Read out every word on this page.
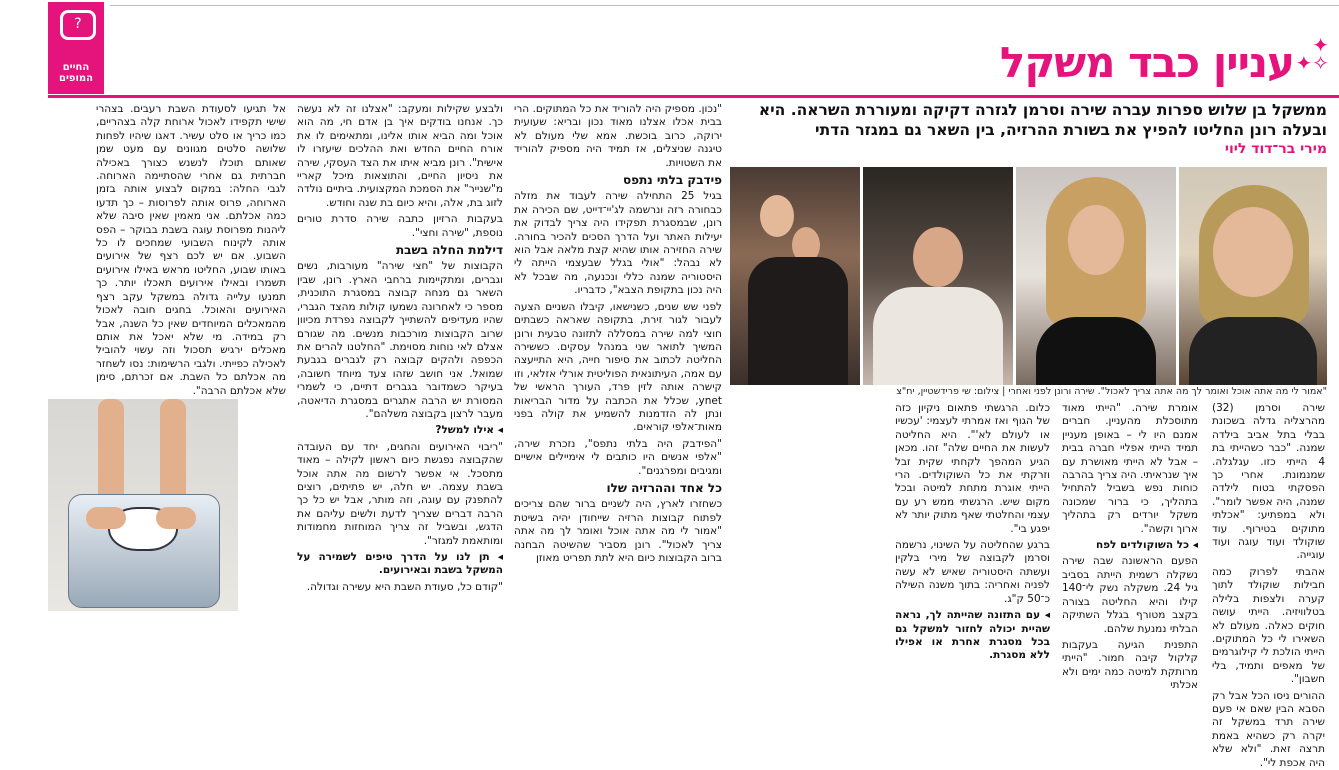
?
החיים
המופים
✦
✧✦
עניין כבד משקל
ממשקל בן שלוש ספרות עברה שירה וסרמן לגזרה דקיקה ומעוררת השראה. היא ובעלה רונן החליטו להפיץ את בשורת ההרזיה, בין השאר גם במגזר הדתי
מירי בר־דוד ליוי
"אמור לי מה אתה אוכל ואומר לך מה אתה צריך לאכול". שירה ורונן לפני ואחרי | צילום: שי פרידשטיין, יח"צ

שירה וסרמן (32) מהרצליה גדלה בשכונת בבלי בתל אביב בילדה שמנה. "כבר כשהייתי בת 4 הייתי כזו. עגלגלה. שמנמונת. אחרי כך הפסקתי בטוח לילדה שמנה, היה אפשר לומר". ולא במפתיע: "אכלתי מתוקים בטירוף. עוד שוקולד ועוד עוגה ועוד עוגייה.

אהבתי לפרוק כמה חבילות שוקולד לתוך קערה ולצפות בלילה בטלוויזיה. הייתי עושה חוקים כאלה. מעולם לא השאירו לי כל המתוקים. הייתי הולכת לי קילוגרמים של מאפים ותמיד, בלי חשבון".

ההורים ניסו הכל אבל רק הסבא הבין שאם אי פעם שירה תרד במשקל זה יקרה רק כשהיא באמת תרצה זאת. "ולא שלא היה אכפת לי".

אומרת שירה. "הייתי מאוד מתוסכלת מהעניין. חברים אמנם היו לי – באופן מעניין תמיד הייתי אפליי חברה בבית – אבל לא הייתי מאושרת עם איך שנראיתי. היה צריך בהרבה כוחות נפש בשביל להתחיל בתהליך, כי ברור שמכונה משקל יורדים רק בתהליך ארוך וקשה".

◂ כל השוקולדים לפח

הפעם הראשונה שבה שירה נשקלה רשמית הייתה בסביב גיל 24. משקלה נשק לי־140 קילו והיא החליטה בצורה בקצב מטורף בגלל השתיקה הבלתי נמנעת שלהם.

התפנית הגיעה בעקבות קלקול קיבה חמור. "הייתי מרותקת למיטה כמה ימים ולא אכלתי

כלום. הרגשתי פתאום ניקיון כזה של הגוף ואז אמרתי לעצמי: 'עכשיו או לעולם לא'". היא החליטה לעשות את החיים שלה" זהו. מכאן הגיע המהפך לקחתי שקית זבל וזרקתי את כל השוקולדים. הרי הייתי אוגרת מתחת למיטה ובכל מקום שיש. הרגשתי ממש רע עם עצמי והחלטתי שאף מתוק יותר לא יפגע בי".

ברגע שהחליטה על השינוי, נרשמה וסרמן לקבוצה של מירי בלקין ועשתה היסטוריה שאיש לא עשה לפניה ואחריה: בתוך משנה השילה כ־50 ק"ג.

◂ עם התזונה שהייתה לך, נראה שהיית יכולה לחזור למשקל גם בכל מסגרת אחרת או אפילו ללא מסגרת.

"נכון. מספיק היה להוריד את כל המתוקים. הרי בבית אכלו אצלנו מאוד נכון ובריא: שעועית ירוקה, כרוב בוכשת. אמא שלי מעולם לא טיגנה שניצלים, אז תמיד היה מספיק להוריד את השטויות.

פידבק בלתי נתפס

בגיל 25 התחילה שירה לעבוד את מזלה כבחורה רזה ונרשמה לג'יי־דייט, שם הכירה את רונן, שבמסגרת תפקידו היה צריך לבדוק את יעילות האתר ועל הדרך הסכים להכיר בחורה. שירה החזירה אותו שהיא קצת מלאה אבל הוא לא נבהל: "אולי בגלל שבעצמי הייתה לי היסטוריה שמנה כללי ונכנעה, מה שבכל לא היה נכון בתקופת הצבא", כדבריו.

לפני שש שנים, כשנישאו, קיבלו השניים הצעה לעבור לגור זירת, בתקופה שאראה כשבתים חוצי למה שירה במסללה לתזונה טבעית ורונן המשיך לתואר שני במנהל עסקים. כששירה החליטה לכתוב את סיפור חייה, היא התייעצה עם אמה, העיתונאית הפוליטית אורלי אזלאי, וזו קישרה אותה לזין פרד, העורך הראשי של ynet, שכלל את הכתבה על מדור הבריאות ונתן לה הזדמנות להשמיע את קולה בפני מאות־אלפי קוראים.

"הפידבק היה בלתי נתפס", נזכרת שירה, "אלפי אנשים היו כותבים לי אימיילים אישיים ומגיבים ומפרגנים".

כל אחד וההרזיה שלו

כשחזרו לארץ, היה לשניים ברור שהם צריכים לפתוח קבוצות הרזיה שייחודן יהיה בשיטת "אמור לי מה אתה אוכל ואומר לך מה אתה צריך לאכול". רונן מסביר שהשיטה הבחנה ברוב הקבוצות כיום היא לתת תפריט מאוזן

ולבצע שקילות ומעקב: "אצלנו זה לא נעשה כך. אנחנו בודקים איך בן אדם חי, מה הוא אוכל ומה הביא אותו אלינו, ומתאימים לו את אורח החיים החדש ואת ההלכים שיעזרו לו אישית". רונן מביא איתו את הצד העסקי, שירה את ניסיון החיים, והתוצאות מיכל קאריי מ"שנייר" את הסמכת המקצועית. ביתיים נולדה לזוג בת, אלה, והיא כיום בת שנה וחודש.

בעקבות הרזיון כתבה שירה סדרת טורים נוספת, "שירה וחצי".

דילמת החלה בשבת

הקבוצות של "חצי שירה" מעורבות, נשים וגברים, ומתקיימות ברחבי הארץ. רונן, שבין השאר גם מנחה קבוצה במסגרת התוכנית, מספר כי לאחרונה נשמעו קולות מהצד הגברי, שהיו מעדיפים להשתייך לקבוצה נפרדת מכיוון שרוב הקבוצות מורכבות מנשים. מה שגורם אצלם לאי נוחות מסוימת. "החלטנו להרים את הכפפה ולהקים קבוצה רק לגברים בגבעת שמואל. אני חושב שזהו צעד מיוחד חשובה, בעיקר כשמדובר בגברים דתיים, כי לשמרי המסורת יש הרבה אתגרים במסגרת הדיאטה, מעבר לרצון בקבוצה משלהם".

◂ אילו למשל?

"ריבוי האירועים והחגים, יחד עם העובדה שהקבוצה נפגשת כיום ראשון לקילה – מאוד מתסכל. אי אפשר לרשום מה אתה אוכל בשבת עצמה. יש חלה, יש פתיתים, רוצים להתפנק עם עוגה, וזה מותר, אבל יש כל כך הרבה דברים שצריך לדעת ולשים עליהם את הדגש, ובשביל זה צריך המוחזות מחמודות ומותאמת למגזר".

◂ תן לנו על הדרך טיפים לשמירה על המשקל בשבת ובאירועים.

"קודם כל, סעודת השבת היא עשירה וגדולה.

אל תגיעו לסעודת השבת רעבים. בצהרי שישי תקפידו לאכול ארוחת קלה בצהריים, כמו כריך או סלט עשיר. דאגו שיהיו לפחות שלושה סלטים מגוונים עם מעט שמן שאותם תוכלו לנשנש כצורך באכילה חברתית גם אחרי שהסתיימה הארוחה. לגבי החלה: במקום לבצוע אותה בזמן הארוחה, פרוס אותה לפרוסות – כך תדעו כמה אכלתם. אני מאמין שאין סיבה שלא ליהנות מפרוסת עוגה בשבת בבוקר – הפס אותה לקינוח השבועי שמחכים לו כל השבוע. אם יש לכם רצף של אירועים באותו שבוע, החליטו מראש באילו אירועים תשמרו ובאילו אירועים תאכלו יותר. כך תמנעו עלייה גדולה במשקל עקב רצף האירועים והאוכל. בחגים חובה לאכול מהמאכלים המיוחדים שאין כל השנה, אבל רק במידה. מי שלא יאכל את אותם מאכלים ירגיש תסכול וזה עשוי להוביל לאכילה כפייתי. ולגבי הרשימות: נסו לשחזר מה אכלתם כל השבת. אם זכרתם, סימן שלא אכלתם הרבה".
